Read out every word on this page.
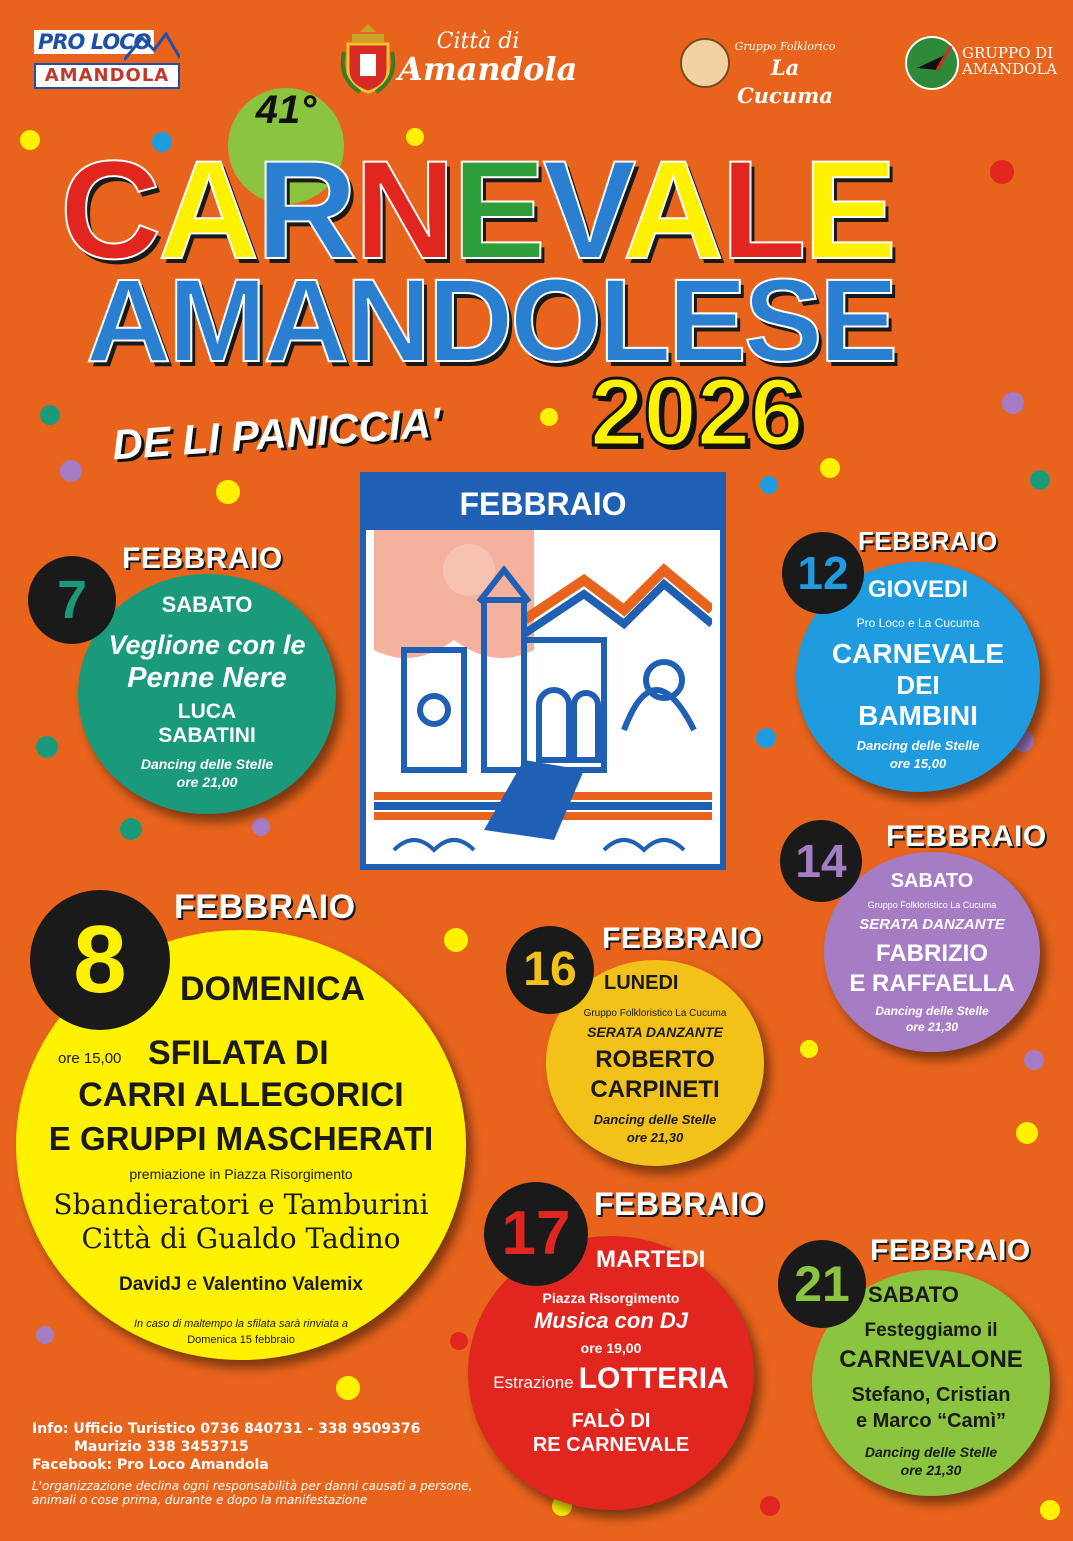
PRO LOCO
AMANDOLA
Città di
Amandola
Gruppo Folklorico
La Cucuma
GRUPPO DI
AMANDOLA
41°
CARNEVALE
AMANDOLESE
2026
DE LI PANICCIA'
FEBBRAIO
SABATO
Veglione con le
Penne Nere
LUCA
SABATINI
Dancing delle Stelle
ore 21,00
7
FEBBRAIO
GIOVEDI
Pro Loco e La Cucuma
CARNEVALE
DEI
BAMBINI
Dancing delle Stelle
ore 15,00
12
FEBBRAIO
SABATO
Gruppo Folkloristico La Cucuma
SERATA DANZANTE
FABRIZIO
E RAFFAELLA
Dancing delle Stelle
ore 21,30
14	FEBBRAIO
DOMENICA
ore 15,00 SFILATA DI
CARRI ALLEGORICI
E GRUPPI MASCHERATI
premiazione in Piazza Risorgimento
Sbandieratori e Tamburini
Città di Gualdo Tadino
DavidJ e Valentino Valemix
In caso di maltempo la sfilata sarà rinviata a
Domenica 15 febbraio
8	FEBBRAIO
LUNEDI
Gruppo Folkloristico La Cucuma
SERATA DANZANTE
ROBERTO
CARPINETI
Dancing delle Stelle
ore 21,30
16
FEBBRAIO
MARTEDI
Piazza Risorgimento
Musica con DJ
ore 19,00
Estrazione LOTTERIA
FALÒ DI
RE CARNEVALE
17 FEBBRAIO
SABATO
Festeggiamo il
CARNEVALONE
Stefano, Cristian
e Marco “Camì”
Dancing delle Stelle
ore 21,30
21
FEBBRAIO
Info: Ufficio Turistico 0736 840731 - 338 9509376
Maurizio 338 3453715
Facebook: Pro Loco Amandola
L'organizzazione declina ogni responsabilità per danni causati a persone,
animali o cose prima, durante e dopo la manifestazione
